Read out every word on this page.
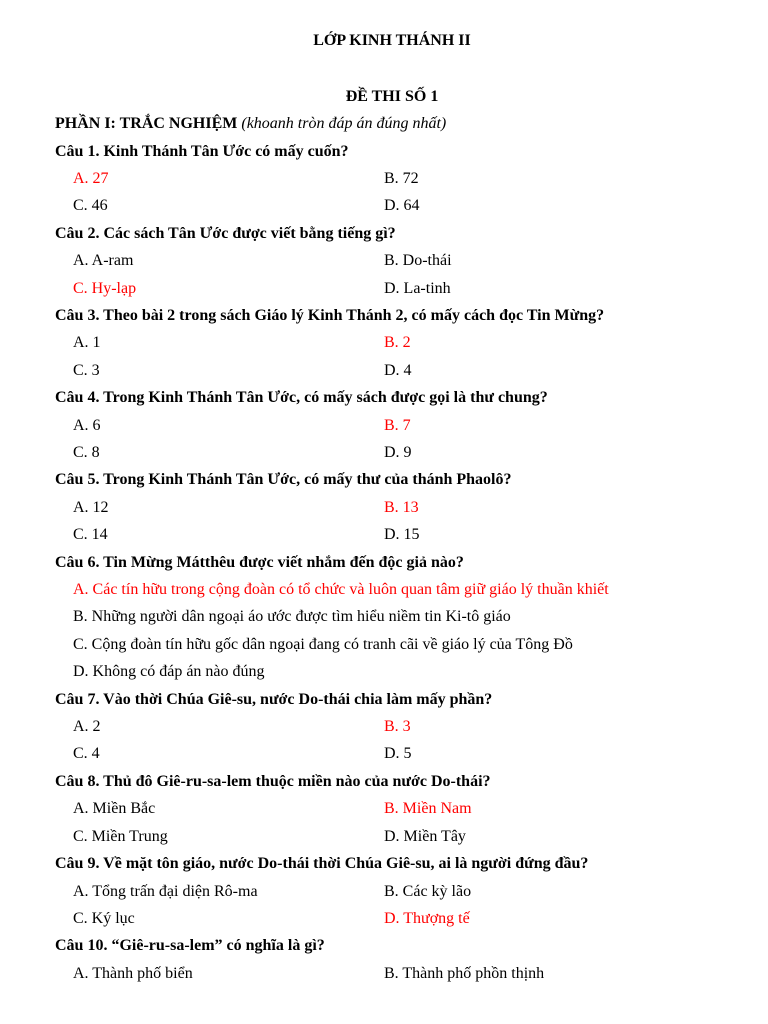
LỚP KINH THÁNH II
ĐỀ THI SỐ 1
PHẦN I: TRẮC NGHIỆM (khoanh tròn đáp án đúng nhất)
Câu 1. Kinh Thánh Tân Ước có mấy cuốn?
A. 27	B. 72
C. 46	D. 64
Câu 2. Các sách Tân Ước được viết bằng tiếng gì?
A. A-ram	B. Do-thái
C. Hy-lạp	D. La-tinh
Câu 3. Theo bài 2 trong sách Giáo lý Kinh Thánh 2, có mấy cách đọc Tin Mừng?
A. 1	B. 2
C. 3	D. 4
Câu 4. Trong Kinh Thánh Tân Ước, có mấy sách được gọi là thư chung?
A. 6	B. 7
C. 8	D. 9
Câu 5. Trong Kinh Thánh Tân Ước, có mấy thư của thánh Phaolô?
A. 12	B. 13
C. 14	D. 15
Câu 6. Tin Mừng Mátthêu được viết nhắm đến độc giả nào?
A. Các tín hữu trong cộng đoàn có tổ chức và luôn quan tâm giữ giáo lý thuần khiết
B. Những người dân ngoại áo ước được tìm hiểu niềm tin Ki-tô giáo
C. Cộng đoàn tín hữu gốc dân ngoại đang có tranh cãi về giáo lý của Tông Đồ
D. Không có đáp án nào đúng
Câu 7. Vào thời Chúa Giê-su, nước Do-thái chia làm mấy phần?
A. 2	B. 3
C. 4	D. 5
Câu 8. Thủ đô Giê-ru-sa-lem thuộc miền nào của nước Do-thái?
A. Miền Bắc	B. Miền Nam
C. Miền Trung	D. Miền Tây
Câu 9. Về mặt tôn giáo, nước Do-thái thời Chúa Giê-su, ai là người đứng đầu?
A. Tổng trấn đại diện Rô-ma	B. Các kỳ lão
C. Ký lục	D. Thượng tế
Câu 10. “Giê-ru-sa-lem” có nghĩa là gì?
A. Thành phố biển	B. Thành phố phồn thịnh
